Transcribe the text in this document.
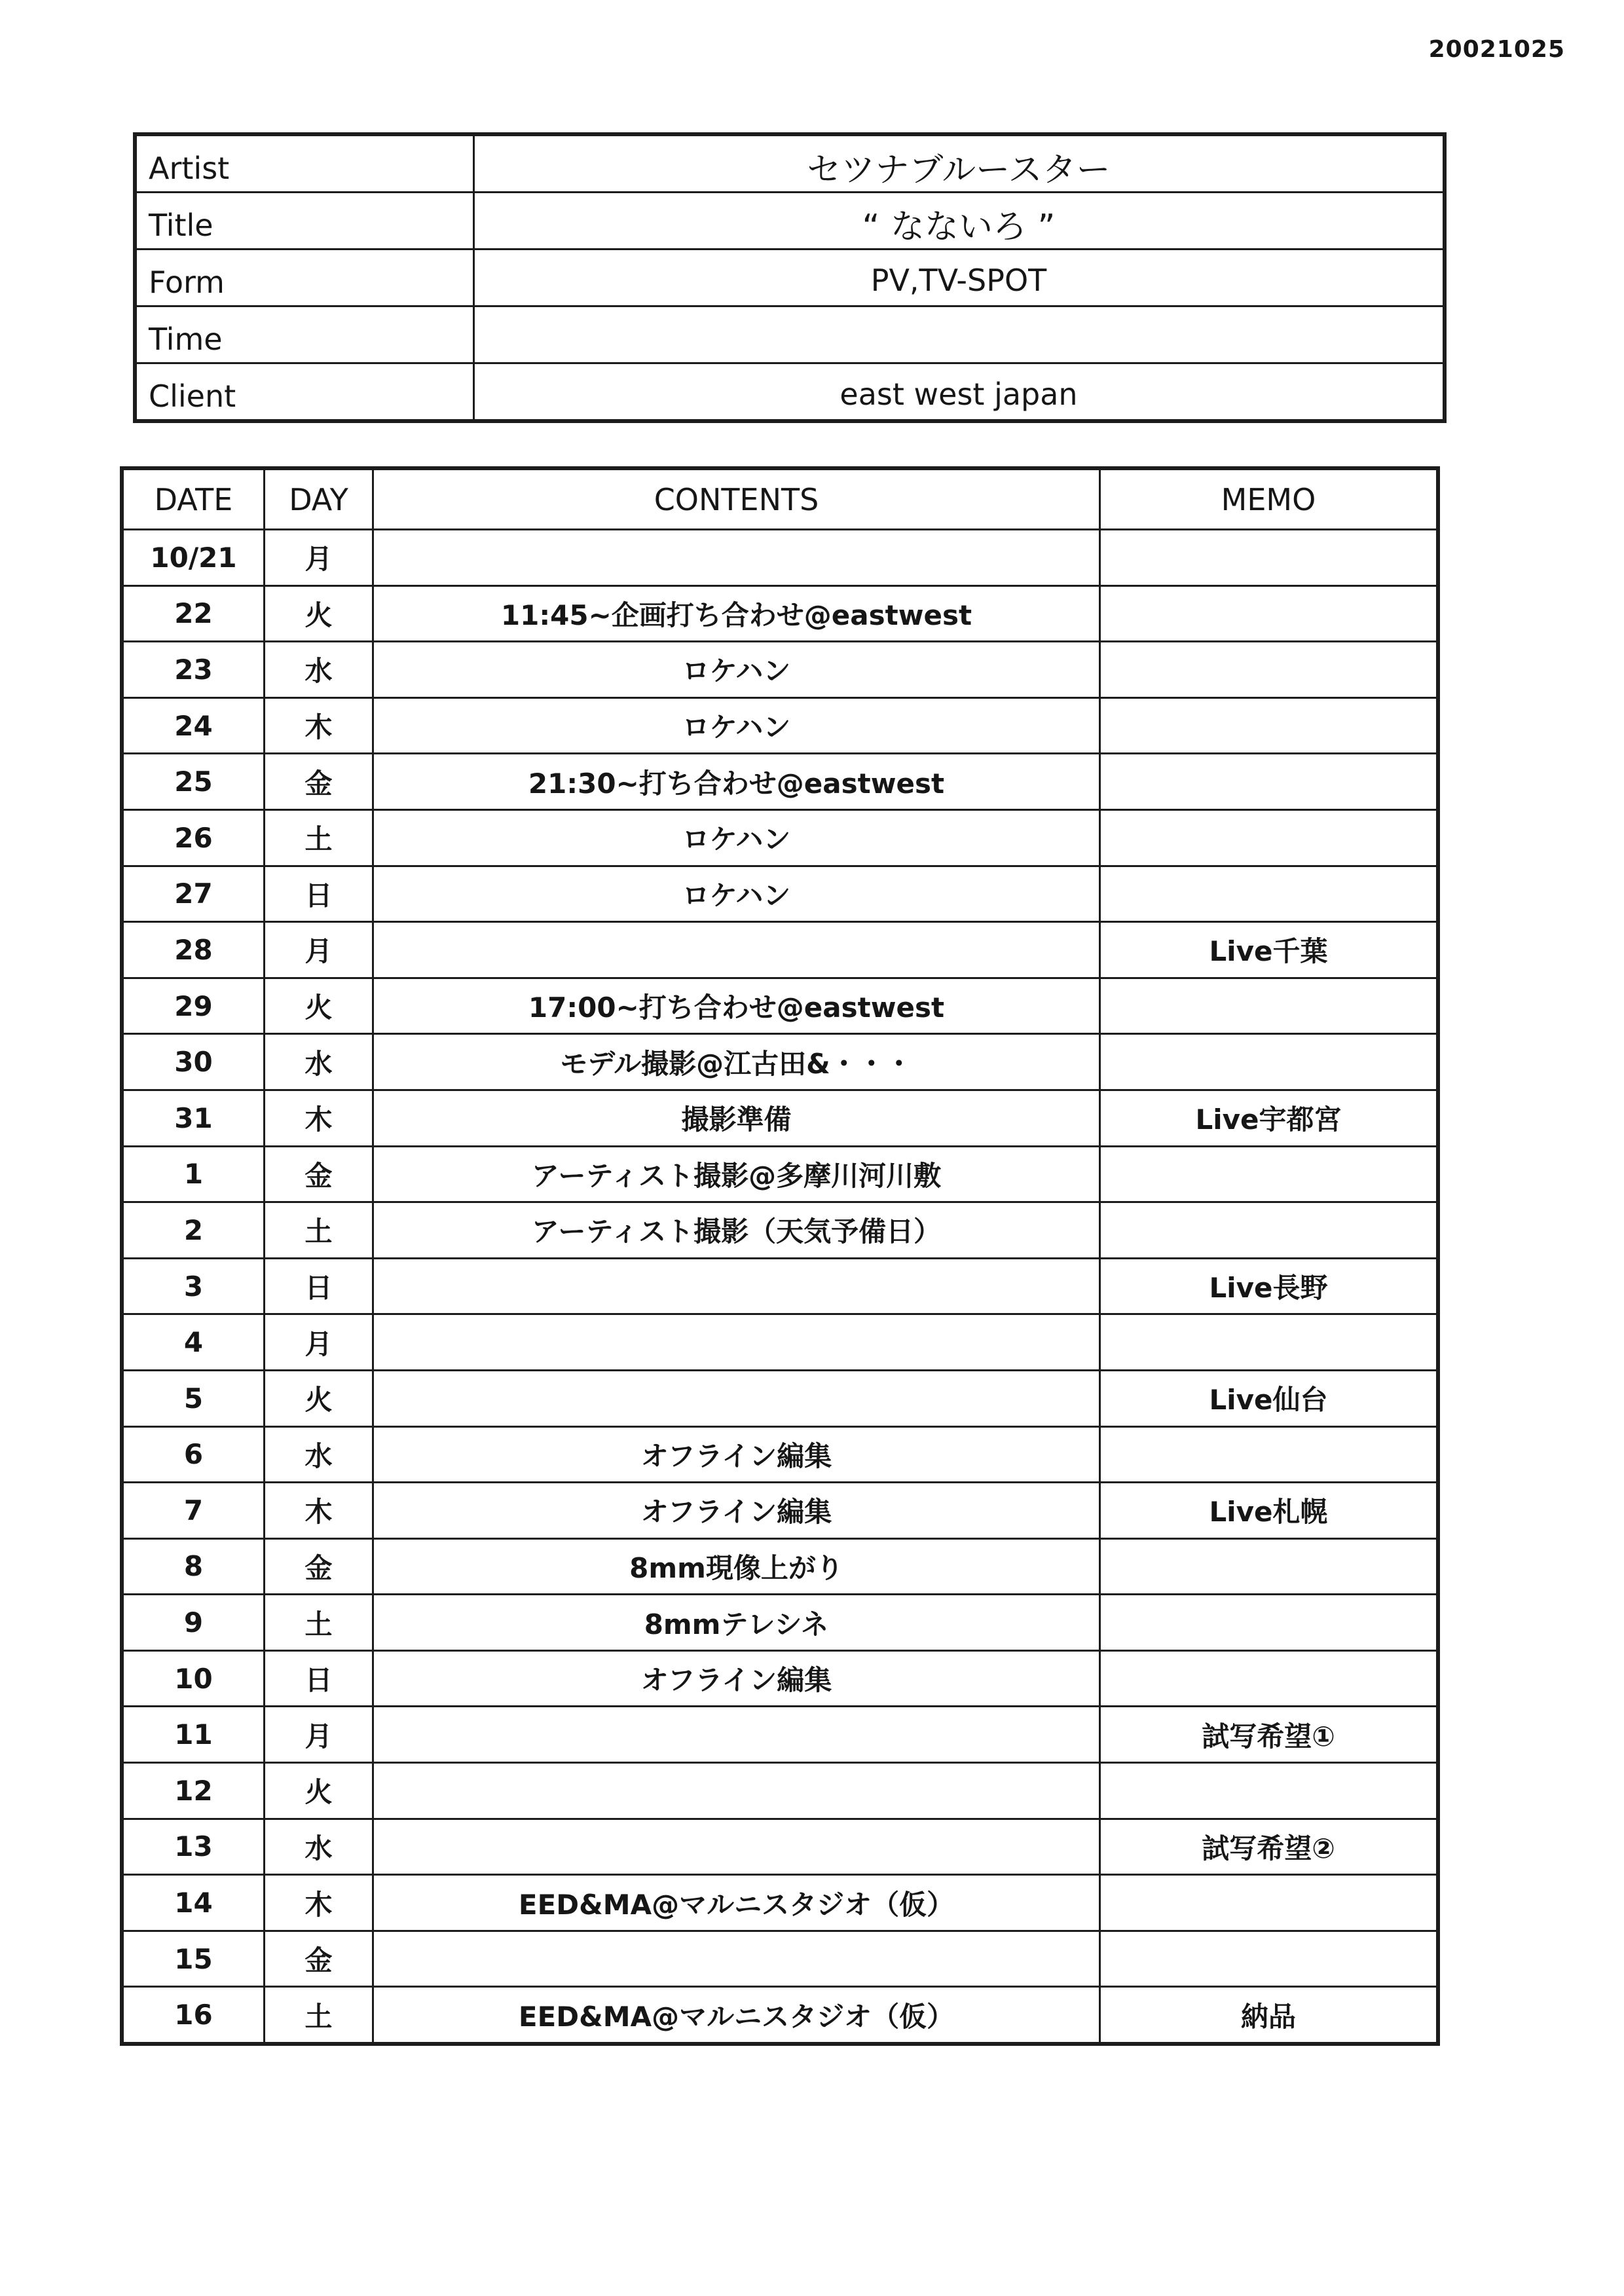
20021025
Artist	セツナブルースター
Title	“ なないろ ”
Form	PV,TV-SPOT
Time	
Client	east west japan
DATE	DAY	CONTENTS	MEMO
10/21	月		
22	火	11:45~企画打ち合わせ@eastwest	
23	水	ロケハン	
24	木	ロケハン	
25	金	21:30~打ち合わせ@eastwest	
26	土	ロケハン	
27	日	ロケハン	
28	月		Live千葉
29	火	17:00~打ち合わせ@eastwest	
30	水	モデル撮影@江古田&・・・	
31	木	撮影準備	Live宇都宮
1	金	アーティスト撮影@多摩川河川敷	
2	土	アーティスト撮影（天気予備日）	
3	日		Live長野
4	月		
5	火		Live仙台
6	水	オフライン編集	
7	木	オフライン編集	Live札幌
8	金	8mm現像上がり	
9	土	8mmテレシネ	
10	日	オフライン編集	
11	月		試写希望①
12	火		
13	水		試写希望②
14	木	EED&MA@マルニスタジオ（仮）	
15	金		
16	土	EED&MA@マルニスタジオ（仮）	納品
